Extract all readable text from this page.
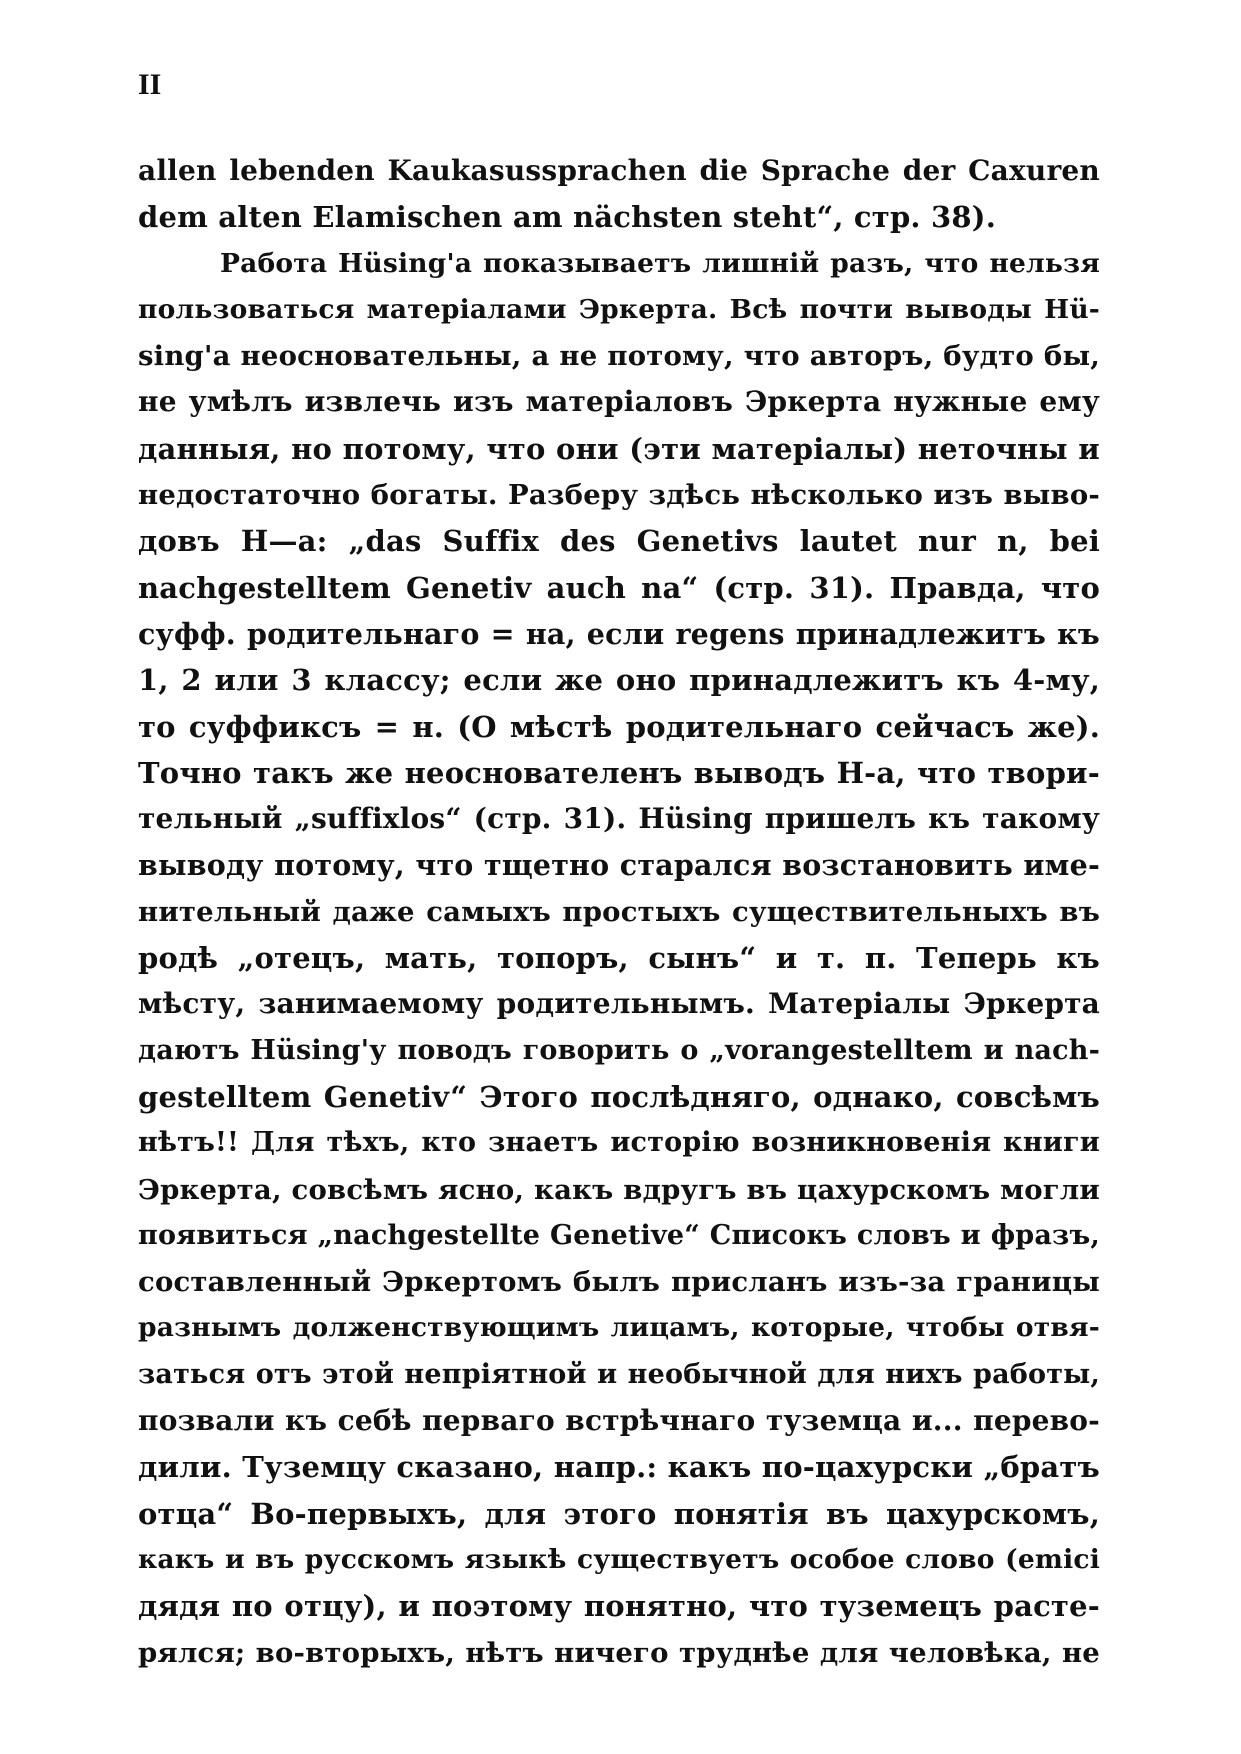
II
allen lebenden Kaukasussprachen die Sprache der Caxuren
dem alten Elamischen am nächsten steht“, стр. 38).
Работа Hüsing'a показываетъ лишній разъ, что нельзя
пользоваться матеріалами Эркерта. Всѣ почти выводы Hü-
sing'a неосновательны, а не потому, что авторъ, будто бы,
не умѣлъ извлечь изъ матеріаловъ Эркерта нужные ему
данныя, но потому, что они (эти матеріалы) неточны и
недостаточно богаты. Разберу здѣсь нѣсколько изъ выво-
довъ Н—а: „das Suffix des Genetivs lautet nur n, bei
nachgestelltem Genetiv auch na“ (стр. 31). Правда, что
суфф. родительнаго = на, если regens принадлежитъ къ
1, 2 или 3 классу; если же оно принадлежитъ къ 4-му,
то суффиксъ = н. (О мѣстѣ родительнаго сейчасъ же).
Точно такъ же неоснователенъ выводъ Н-а, что твори-
тельный „suffixlos“ (стр. 31). Hüsing пришелъ къ такому
выводу потому, что тщетно старался возстановить име-
нительный даже самыхъ простыхъ существительныхъ въ
родѣ „отецъ, мать, топоръ, сынъ“ и т. п. Теперь къ
мѣсту, занимаемому родительнымъ. Матеріалы Эркерта
даютъ Hüsing'у поводъ говорить о „vorangestelltem и nach-
gestelltem Genetiv“ Этого послѣдняго, однако, совсѣмъ
нѣтъ!! Для тѣхъ, кто знаетъ исторію возникновенія книги
Эркерта, совсѣмъ ясно, какъ вдругъ въ цахурскомъ могли
появиться „nachgestellte Genetive“ Списокъ словъ и фразъ,
составленный Эркертомъ былъ присланъ изъ-за границы
разнымъ долженствующимъ лицамъ, которые, чтобы отвя-
заться отъ этой непріятной и необычной для нихъ работы,
позвали къ себѣ перваго встрѣчнаго туземца и... перево-
дили. Туземцу сказано, напр.: какъ по-цахурски „братъ
отца“ Во-первыхъ, для этого понятія въ цахурскомъ,
какъ и въ русскомъ языкѣ существуетъ особое слово (emici
дядя по отцу), и поэтому понятно, что туземецъ расте-
рялся; во-вторыхъ, нѣтъ ничего труднѣе для человѣка, не
